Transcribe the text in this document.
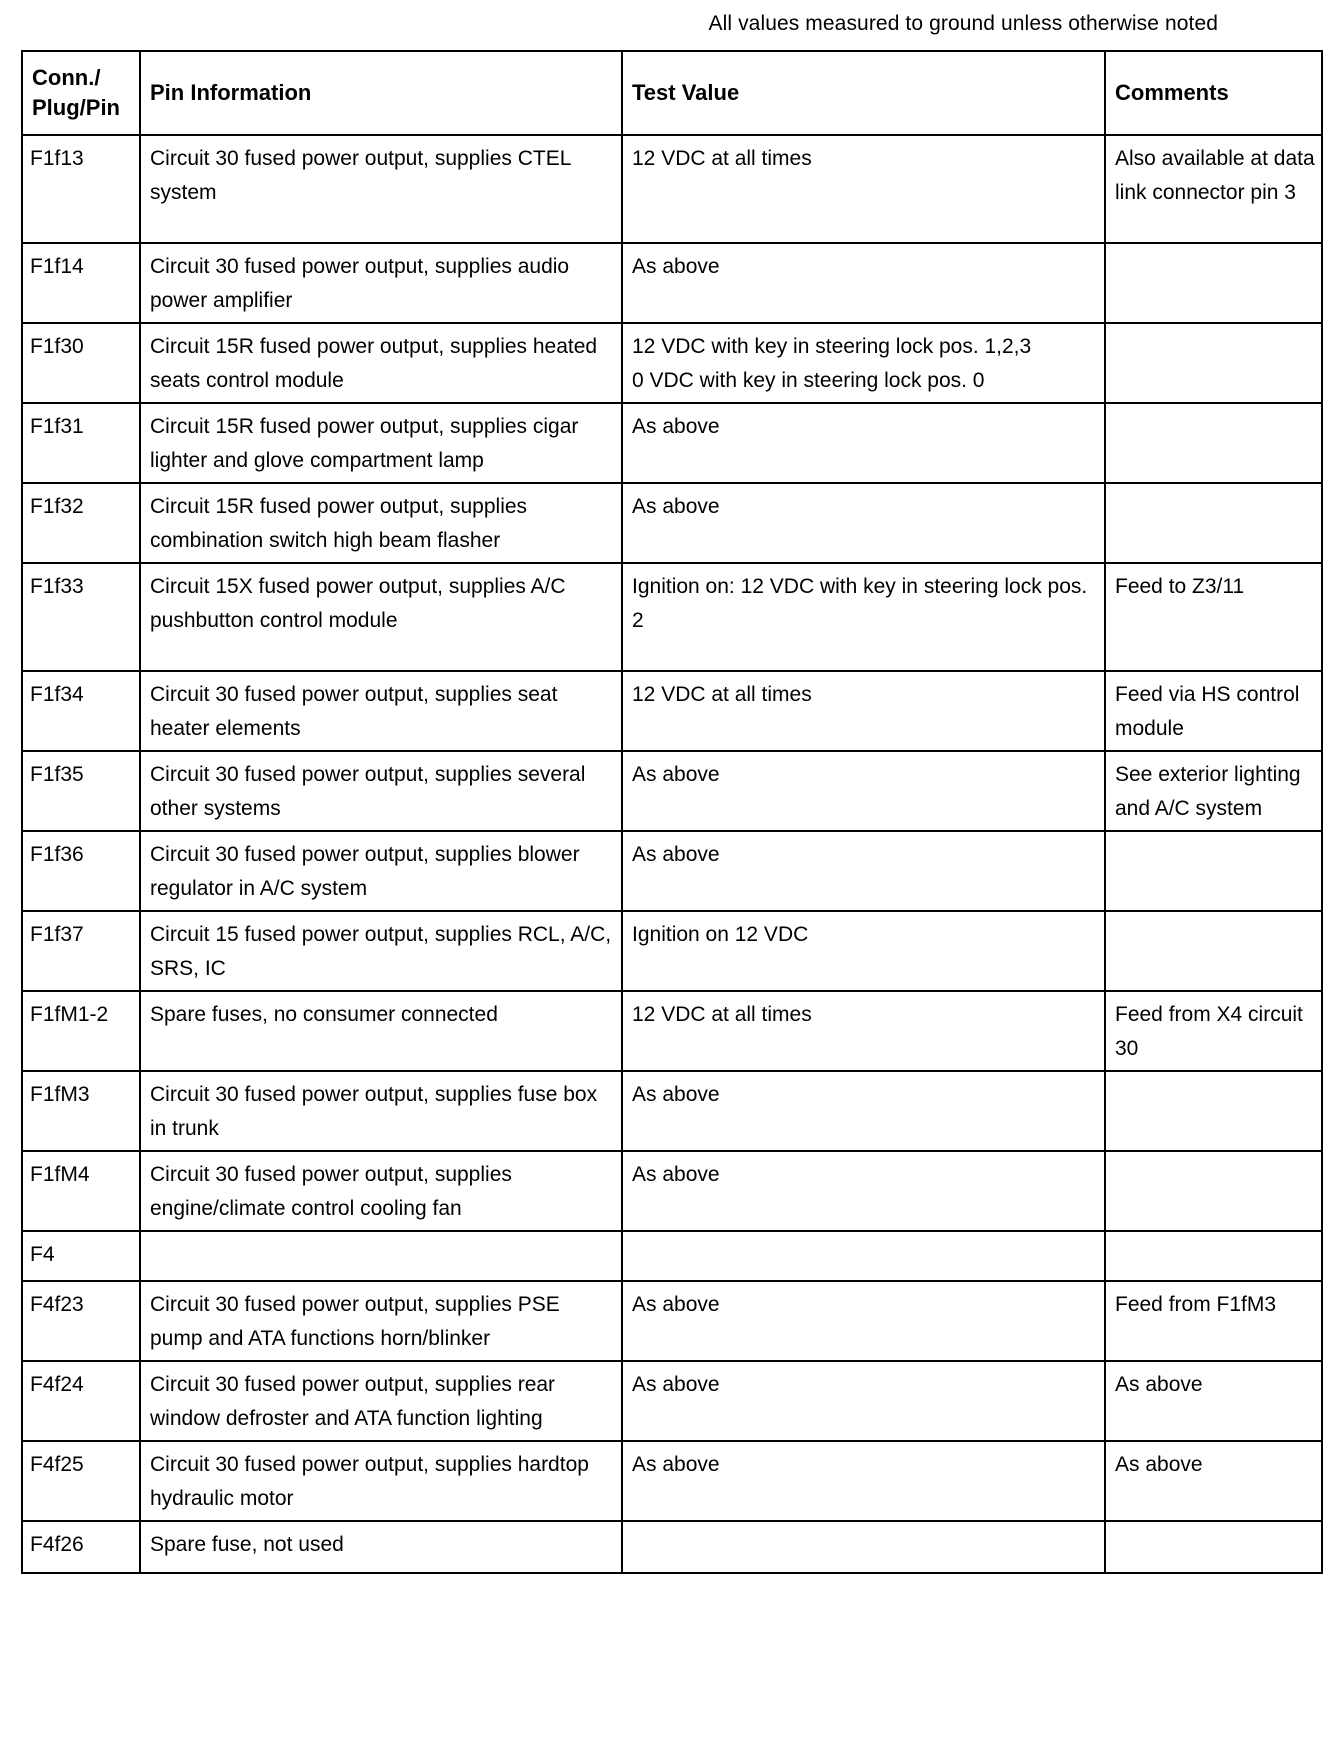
All values measured to ground unless otherwise noted
Conn./ Plug/Pin	Pin Information	Test Value	Comments
F1f13	Circuit 30 fused power output, supplies CTEL system	12 VDC at all times	Also available at data link connector pin 3
F1f14	Circuit 30 fused power output, supplies audio power amplifier	As above	
F1f30	Circuit 15R fused power output, supplies heated seats control module	12 VDC with key in steering lock pos. 1,2,3
0 VDC with key in steering lock pos. 0	

F1f31	Circuit 15R fused power output, supplies cigar lighter and glove compartment lamp	As above	
F1f32	Circuit 15R fused power output, supplies combination switch high beam flasher	As above	
F1f33	Circuit 15X fused power output, supplies A/C pushbutton control module	Ignition on: 12 VDC with key in steering lock pos. 2	Feed to Z3/11
F1f34	Circuit 30 fused power output, supplies seat heater elements	12 VDC at all times	Feed via HS control module
F1f35	Circuit 30 fused power output, supplies several other systems	As above	See exterior lighting and A/C system
F1f36	Circuit 30 fused power output, supplies blower regulator in A/C system	As above	
F1f37	Circuit 15 fused power output, supplies RCL, A/C, SRS, IC	Ignition on 12 VDC	
F1fM1-2	Spare fuses, no consumer connected	12 VDC at all times	Feed from X4 circuit 30
F1fM3	Circuit 30 fused power output, supplies fuse box in trunk	As above	
F1fM4	Circuit 30 fused power output, supplies engine/climate control cooling fan	As above	
F4			
F4f23	Circuit 30 fused power output, supplies PSE pump and ATA functions horn/blinker	As above	Feed from F1fM3
F4f24	Circuit 30 fused power output, supplies rear window defroster and ATA function lighting	As above	As above
F4f25	Circuit 30 fused power output, supplies hardtop hydraulic motor	As above	As above
F4f26	Spare fuse, not used		
